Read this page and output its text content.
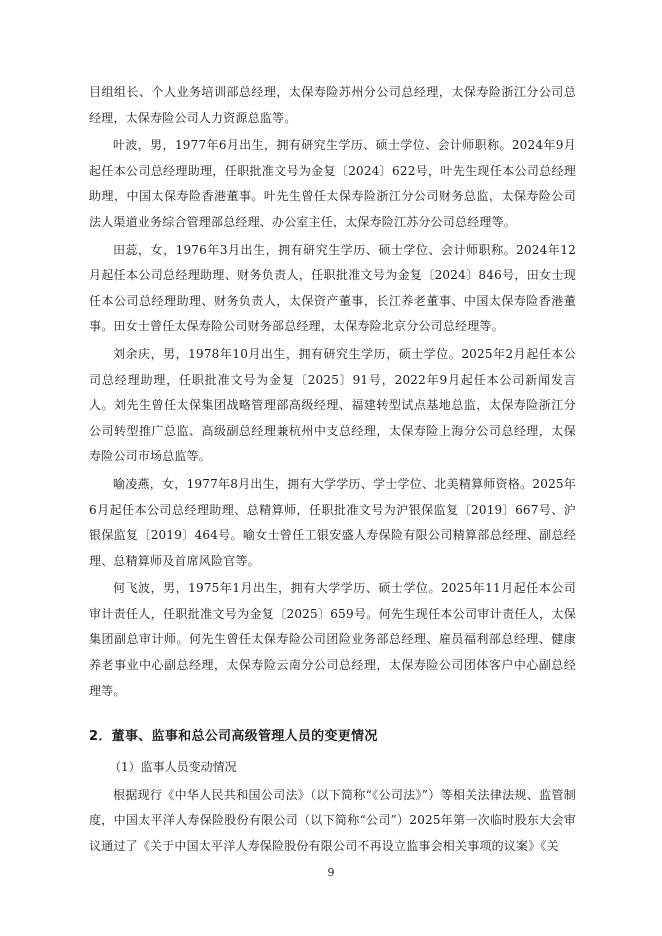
目组组长、个人业务培训部总经理，太保寿险苏州分公司总经理，太保寿险浙江分公司总经理，太保寿险公司人力资源总监等。

叶波，男，1977年6月出生，拥有研究生学历、硕士学位、会计师职称。2024年9月起任本公司总经理助理，任职批准文号为金复〔2024〕622号，叶先生现任本公司总经理助理，中国太保寿险香港董事。叶先生曾任太保寿险浙江分公司财务总监，太保寿险公司法人渠道业务综合管理部总经理、办公室主任，太保寿险江苏分公司总经理等。

田蕊，女，1976年3月出生，拥有研究生学历、硕士学位、会计师职称。2024年12月起任本公司总经理助理、财务负责人，任职批准文号为金复〔2024〕846号，田女士现任本公司总经理助理、财务负责人，太保资产董事，长江养老董事、中国太保寿险香港董事。田女士曾任太保寿险公司财务部总经理，太保寿险北京分公司总经理等。

刘余庆，男，1978年10月出生，拥有研究生学历，硕士学位。2025年2月起任本公司总经理助理，任职批准文号为金复〔2025〕91号，2022年9月起任本公司新闻发言人。刘先生曾任太保集团战略管理部高级经理、福建转型试点基地总监，太保寿险浙江分公司转型推广总监、高级副总经理兼杭州中支总经理，太保寿险上海分公司总经理，太保寿险公司市场总监等。

喻凌燕，女，1977年8月出生，拥有大学学历、学士学位、北美精算师资格。2025年6月起任本公司总经理助理、总精算师，任职批准文号为沪银保监复〔2019〕667号、沪银保监复〔2019〕464号。喻女士曾任工银安盛人寿保险有限公司精算部总经理、副总经理、总精算师及首席风险官等。

何飞波，男，1975年1月出生，拥有大学学历、硕士学位。2025年11月起任本公司审计责任人，任职批准文号为金复〔2025〕659号。何先生现任本公司审计责任人，太保集团副总审计师。何先生曾任太保寿险公司团险业务部总经理、雇员福利部总经理、健康养老事业中心副总经理，太保寿险云南分公司总经理，太保寿险公司团体客户中心副总经理等。

2．董事、监事和总公司高级管理人员的变更情况

（1）监事人员变动情况

根据现行《中华人民共和国公司法》（以下简称“《公司法》”）等相关法律法规、监管制度，中国太平洋人寿保险股份有限公司（以下简称“公司”）2025年第一次临时股东大会审议通过了《关于中国太平洋人寿保险股份有限公司不再设立监事会相关事项的议案》《关

9
